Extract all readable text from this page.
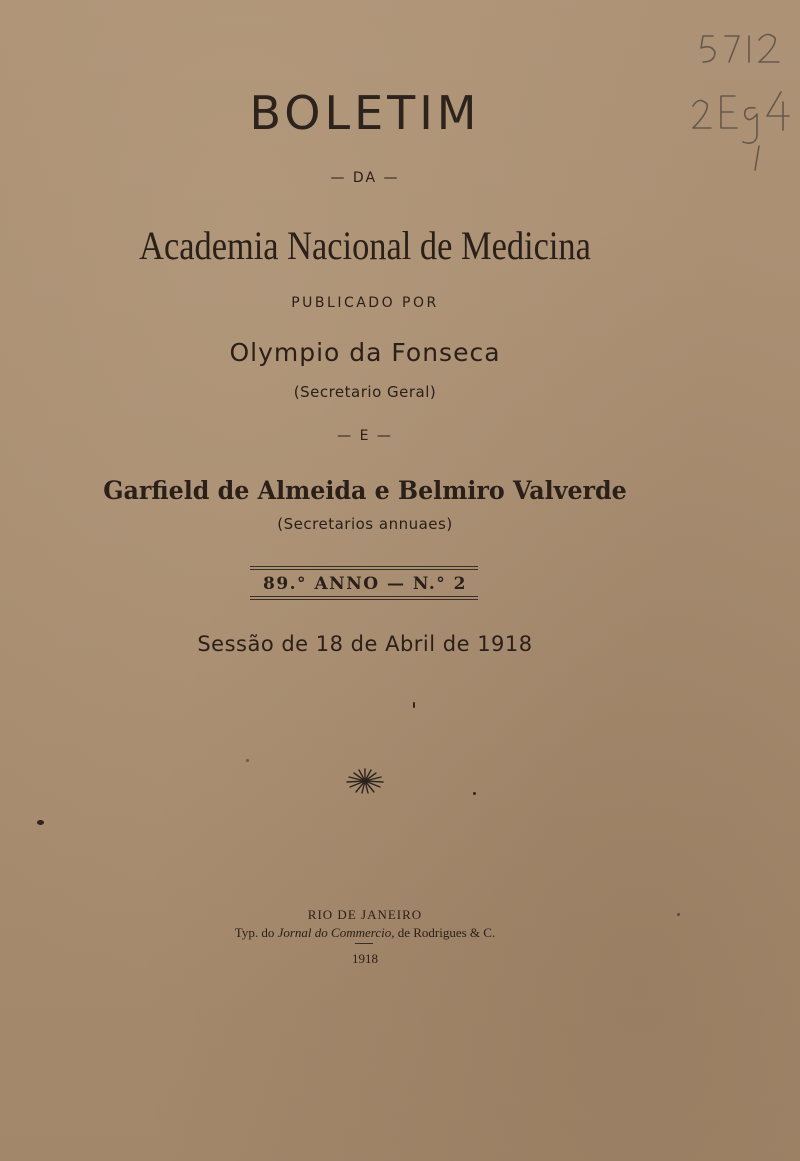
BOLETIM
— DA —
Academia Nacional de Medicina
PUBLICADO POR
Olympio da Fonseca
(Secretario Geral)
— E —
Garfield de Almeida e Belmiro Valverde
(Secretarios annuaes)
89.° ANNO — N.° 2
Sessão de 18 de Abril de 1918
RIO DE JANEIRO
Typ. do Jornal do Commercio, de Rodrigues & C.
1918
